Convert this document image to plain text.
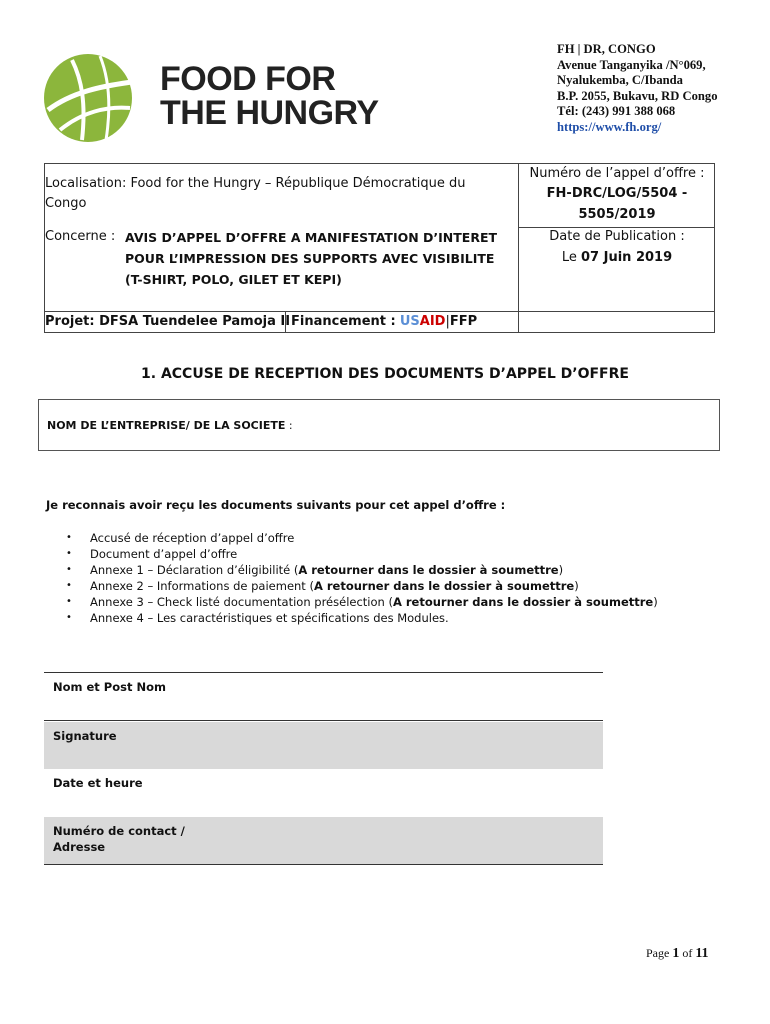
FOOD FOR
THE HUNGRY
FH | DR, CONGO
Avenue Tanganyika /N°069,
Nyalukemba, C/Ibanda
B.P. 2055, Bukavu, RD Congo
Tél: (243) 991 388 068
https://www.fh.org/
Localisation: Food for the Hungry – République Démocratique du Congo
Concerne : AVIS D’APPEL D’OFFRE A MANIFESTATION D’INTERET POUR L’IMPRESSION DES SUPPORTS AVEC VISIBILITE (T-SHIRT, POLO, GILET ET KEPI)
Numéro de l’appel d’offre :
FH-DRC/LOG/5504 -
5505/2019
Date de Publication :
Le 07 Juin 2019
Projet: DFSA Tuendelee Pamoja II Financement : USAID|FFP
1. ACCUSE DE RECEPTION DES DOCUMENTS D’APPEL D’OFFRE
NOM DE L’ENTREPRISE/ DE LA SOCIETE :
Je reconnais avoir reçu les documents suivants pour cet appel d’offre :
• Accusé de réception d’appel d’offre
• Document d’appel d’offre
• Annexe 1 – Déclaration d’éligibilité (A retourner dans le dossier à soumettre)
• Annexe 2 – Informations de paiement (A retourner dans le dossier à soumettre)
• Annexe 3 – Check listé documentation présélection (A retourner dans le dossier à soumettre)
• Annexe 4 – Les caractéristiques et spécifications des Modules.
Nom et Post Nom
Signature
Date et heure
Numéro de contact /
Adresse
Page 1 of 11
